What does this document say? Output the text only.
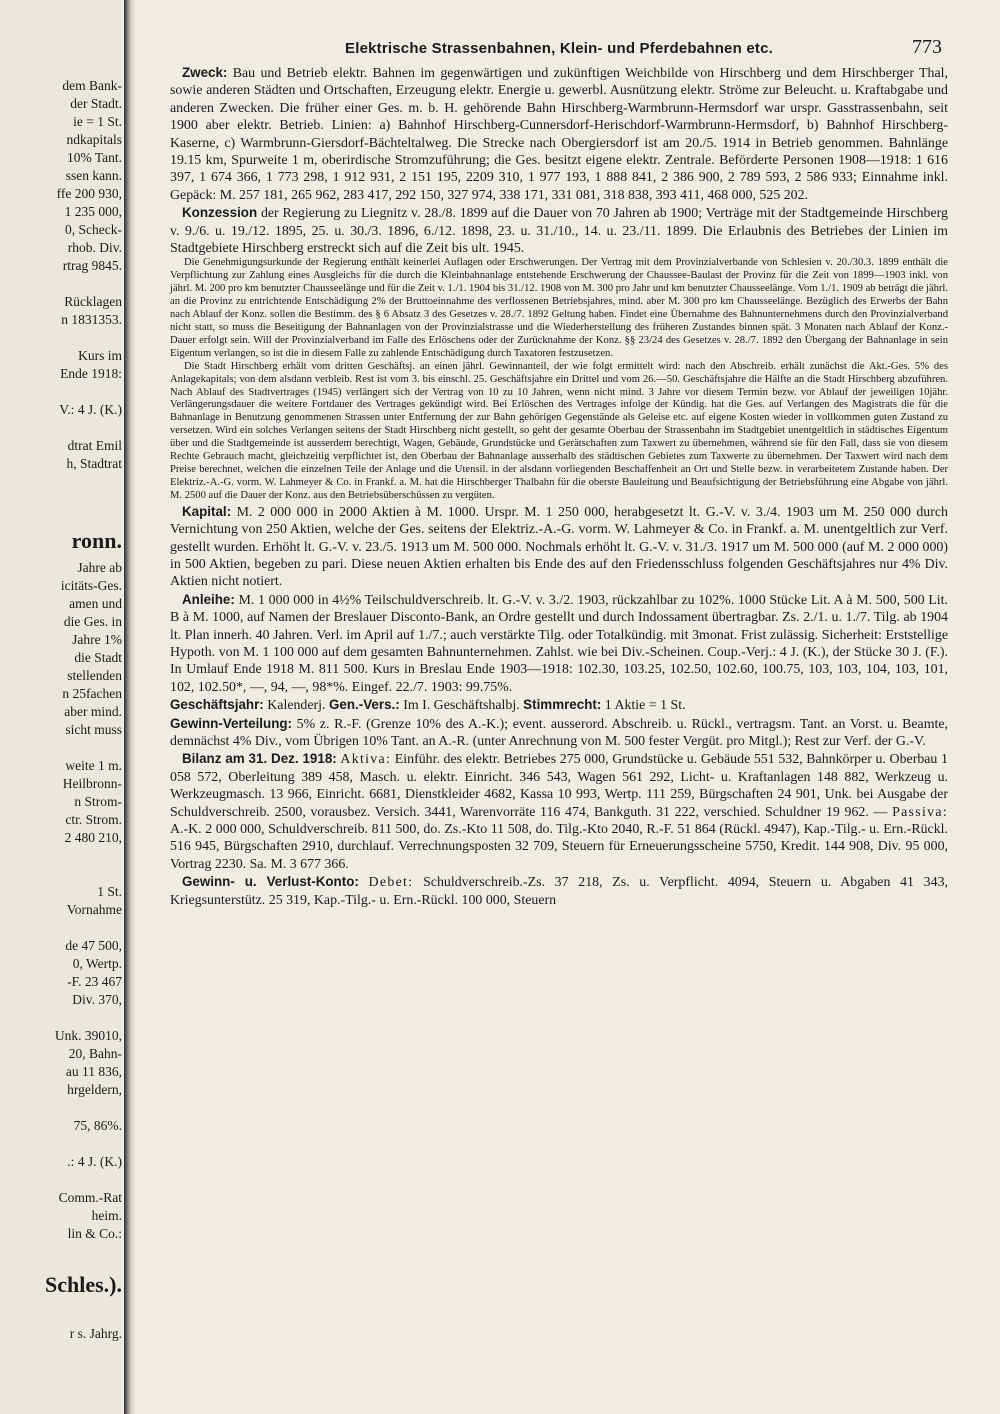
dem Bank-
der Stadt.
ie = 1 St.
ndkapitals
10% Tant.
ssen kann.
ffe 200 930,
1 235 000,
0, Scheck-
rhob. Div.
rtrag 9845.
Rücklagen
n 1831353.
Kurs im
Ende 1918:
V.: 4 J. (K.)
dtrat Emil
h, Stadtrat
ronn.
Jahre ab
icitäts-Ges.
amen und
die Ges. in
Jahre 1%
die Stadt
stellenden
n 25fachen
aber mind.
sicht muss
weite 1 m.
Heilbronn-
n Strom-
ctr. Strom.
2 480 210,
1 St.
Vornahme
de 47 500,
0, Wertp.
-F. 23 467
Div. 370,
Unk. 39010,
20, Bahn-
au 11 836,
hrgeldern,
75, 86%.
.: 4 J. (K.)
Comm.-Rat
heim.
lin & Co.:
Schles.).
r s. Jahrg.
Elektrische Strassenbahnen, Klein- und Pferdebahnen etc.	773

Zweck: Bau und Betrieb elektr. Bahnen im gegenwärtigen und zukünftigen Weichbilde von Hirschberg und dem Hirschberger Thal, sowie anderen Städten und Ortschaften, Erzeugung elektr. Energie u. gewerbl. Ausnützung elektr. Ströme zur Beleucht. u. Kraftabgabe und anderen Zwecken. Die früher einer Ges. m. b. H. gehörende Bahn Hirschberg-Warmbrunn-Hermsdorf war urspr. Gasstrassenbahn, seit 1900 aber elektr. Betrieb. Linien: a) Bahnhof Hirschberg-Cunnersdorf-Herischdorf-Warmbrunn-Hermsdorf, b) Bahnhof Hirschberg-Kaserne, c) Warmbrunn-Giersdorf-Bächteltalweg. Die Strecke nach Obergiersdorf ist am 20./5. 1914 in Betrieb genommen. Bahnlänge 19.15 km, Spurweite 1 m, oberirdische Stromzuführung; die Ges. besitzt eigene elektr. Zentrale. Beförderte Personen 1908—1918: 1 616 397, 1 674 366, 1 773 298, 1 912 931, 2 151 195, 2209 310, 1 977 193, 1 888 841, 2 386 900, 2 789 593, 2 586 933; Einnahme inkl. Gepäck: M. 257 181, 265 962, 283 417, 292 150, 327 974, 338 171, 331 081, 318 838, 393 411, 468 000, 525 202.

Konzession der Regierung zu Liegnitz v. 28./8. 1899 auf die Dauer von 70 Jahren ab 1900; Verträge mit der Stadtgemeinde Hirschberg v. 9./6. u. 19./12. 1895, 25. u. 30./3. 1896, 6./12. 1898, 23. u. 31./10., 14. u. 23./11. 1899. Die Erlaubnis des Betriebes der Linien im Stadtgebiete Hirschberg erstreckt sich auf die Zeit bis ult. 1945.

Die Genehmigungsurkunde der Regierung enthält keinerlei Auflagen oder Erschwerungen. Der Vertrag mit dem Provinzialverbande von Schlesien v. 20./30.3. 1899 enthält die Verpflichtung zur Zahlung eines Ausgleichs für die durch die Kleinbahnanlage entstehende Erschwerung der Chaussee-Baulast der Provinz für die Zeit von 1899—1903 inkl. von jährl. M. 200 pro km benutzter Chausseelänge und für die Zeit v. 1./1. 1904 bis 31./12. 1908 von M. 300 pro Jahr und km benutzter Chausseelänge. Vom 1./1. 1909 ab beträgt die jährl. an die Provinz zu entrichtende Entschädigung 2% der Bruttoeinnahme des verflossenen Betriebsjahres, mind. aber M. 300 pro km Chausseelänge. Bezüglich des Erwerbs der Bahn nach Ablauf der Konz. sollen die Bestimm. des § 6 Absatz 3 des Gesetzes v. 28./7. 1892 Geltung haben. Findet eine Übernahme des Bahnunternehmens durch den Provinzialverband nicht statt, so muss die Beseitigung der Bahnanlagen von der Provinzialstrasse und die Wiederherstellung des früheren Zustandes binnen spät. 3 Monaten nach Ablauf der Konz.-Dauer erfolgt sein. Will der Provinzialverband im Falle des Erlöschens oder der Zurücknahme der Konz. §§ 23/24 des Gesetzes v. 28./7. 1892 den Übergang der Bahnanlage in sein Eigentum verlangen, so ist die in diesem Falle zu zahlende Entschädigung durch Taxatoren festzusetzen.

Die Stadt Hirschberg erhält vom dritten Geschäftsj. an einen jährl. Gewinnanteil, der wie folgt ermittelt wird: nach den Abschreib. erhält zunächst die Akt.-Ges. 5% des Anlagekapitals; von dem alsdann verbleib. Rest ist vom 3. bis einschl. 25. Geschäftsjahre ein Drittel und vom 26.—50. Geschäftsjahre die Hälfte an die Stadt Hirschberg abzuführen. Nach Ablauf des Stadtvertrages (1945) verlängert sich der Vertrag von 10 zu 10 Jahren, wenn nicht mind. 3 Jahre vor diesem Termin bezw. vor Ablauf der jeweiligen 10jähr. Verlängerungsdauer die weitere Fortdauer des Vertrages gekündigt wird. Bei Erlöschen des Vertrages infolge der Kündig. hat die Ges. auf Verlangen des Magistrats die für die Bahnanlage in Benutzung genommenen Strassen unter Entfernung der zur Bahn gehörigen Gegenstände als Geleise etc. auf eigene Kosten wieder in vollkommen guten Zustand zu versetzen. Wird ein solches Verlangen seitens der Stadt Hirschberg nicht gestellt, so geht der gesamte Oberbau der Strassenbahn im Stadtgebiet unentgeltlich in städtisches Eigentum über und die Stadtgemeinde ist ausserdem berechtigt, Wagen, Gebäude, Grundstücke und Gerätschaften zum Taxwert zu übernehmen, während sie für den Fall, dass sie von diesem Rechte Gebrauch macht, gleichzeitig verpflichtet ist, den Oberbau der Bahnanlage ausserhalb des städtischen Gebietes zum Taxwerte zu übernehmen. Der Taxwert wird nach dem Preise berechnet, welchen die einzelnen Teile der Anlage und die Utensil. in der alsdann vorliegenden Beschaffenheit an Ort und Stelle bezw. in verarbeitetem Zustande haben. Der Elektriz.-A.-G. vorm. W. Lahmeyer & Co. in Frankf. a. M. hat die Hirschberger Thalbahn für die oberste Bauleitung und Beaufsichtigung der Betriebsführung eine Abgabe von jährl. M. 2500 auf die Dauer der Konz. aus den Betriebsüberschüssen zu vergüten.

Kapital: M. 2 000 000 in 2000 Aktien à M. 1000. Urspr. M. 1 250 000, herabgesetzt lt. G.-V. v. 3./4. 1903 um M. 250 000 durch Vernichtung von 250 Aktien, welche der Ges. seitens der Elektriz.-A.-G. vorm. W. Lahmeyer & Co. in Frankf. a. M. unentgeltlich zur Verf. gestellt wurden. Erhöht lt. G.-V. v. 23./5. 1913 um M. 500 000. Nochmals erhöht lt. G.-V. v. 31./3. 1917 um M. 500 000 (auf M. 2 000 000) in 500 Aktien, begeben zu pari. Diese neuen Aktien erhalten bis Ende des auf den Friedensschluss folgenden Geschäftsjahres nur 4% Div. Aktien nicht notiert.

Anleihe: M. 1 000 000 in 4½% Teilschuldverschreib. lt. G.-V. v. 3./2. 1903, rückzahlbar zu 102%. 1000 Stücke Lit. A à M. 500, 500 Lit. B à M. 1000, auf Namen der Breslauer Disconto-Bank, an Ordre gestellt und durch Indossament übertragbar. Zs. 2./1. u. 1./7. Tilg. ab 1904 lt. Plan innerh. 40 Jahren. Verl. im April auf 1./7.; auch verstärkte Tilg. oder Totalkündig. mit 3monat. Frist zulässig. Sicherheit: Erststellige Hypoth. von M. 1 100 000 auf dem gesamten Bahnunternehmen. Zahlst. wie bei Div.-Scheinen. Coup.-Verj.: 4 J. (K.), der Stücke 30 J. (F.). In Umlauf Ende 1918 M. 811 500. Kurs in Breslau Ende 1903—1918: 102.30, 103.25, 102.50, 102.60, 100.75, 103, 103, 104, 103, 101, 102, 102.50*, —, 94, —, 98*%. Eingef. 22./7. 1903: 99.75%.

Geschäftsjahr: Kalenderj. Gen.-Vers.: Im I. Geschäftshalbj. Stimmrecht: 1 Aktie = 1 St.

Gewinn-Verteilung: 5% z. R.-F. (Grenze 10% des A.-K.); event. ausserord. Abschreib. u. Rückl., vertragsm. Tant. an Vorst. u. Beamte, demnächst 4% Div., vom Übrigen 10% Tant. an A.-R. (unter Anrechnung von M. 500 fester Vergüt. pro Mitgl.); Rest zur Verf. der G.-V.

Bilanz am 31. Dez. 1918: Aktiva: Einführ. des elektr. Betriebes 275 000, Grundstücke u. Gebäude 551 532, Bahnkörper u. Oberbau 1 058 572, Oberleitung 389 458, Masch. u. elektr. Einricht. 346 543, Wagen 561 292, Licht- u. Kraftanlagen 148 882, Werkzeug u. Werkzeugmasch. 13 966, Einricht. 6681, Dienstkleider 4682, Kassa 10 993, Wertp. 111 259, Bürgschaften 24 901, Unk. bei Ausgabe der Schuldverschreib. 2500, vorausbez. Versich. 3441, Warenvorräte 116 474, Bankguth. 31 222, verschied. Schuldner 19 962. — Passiva: A.-K. 2 000 000, Schuldverschreib. 811 500, do. Zs.-Kto 11 508, do. Tilg.-Kto 2040, R.-F. 51 864 (Rückl. 4947), Kap.-Tilg.- u. Ern.-Rückl. 516 945, Bürgschaften 2910, durchlauf. Verrechnungsposten 32 709, Steuern für Erneuerungsscheine 5750, Kredit. 144 908, Div. 95 000, Vortrag 2230. Sa. M. 3 677 366.

Gewinn- u. Verlust-Konto: Debet: Schuldverschreib.-Zs. 37 218, Zs. u. Verpflicht. 4094, Steuern u. Abgaben 41 343, Kriegsunterstütz. 25 319, Kap.-Tilg.- u. Ern.-Rückl. 100 000, Steuern
